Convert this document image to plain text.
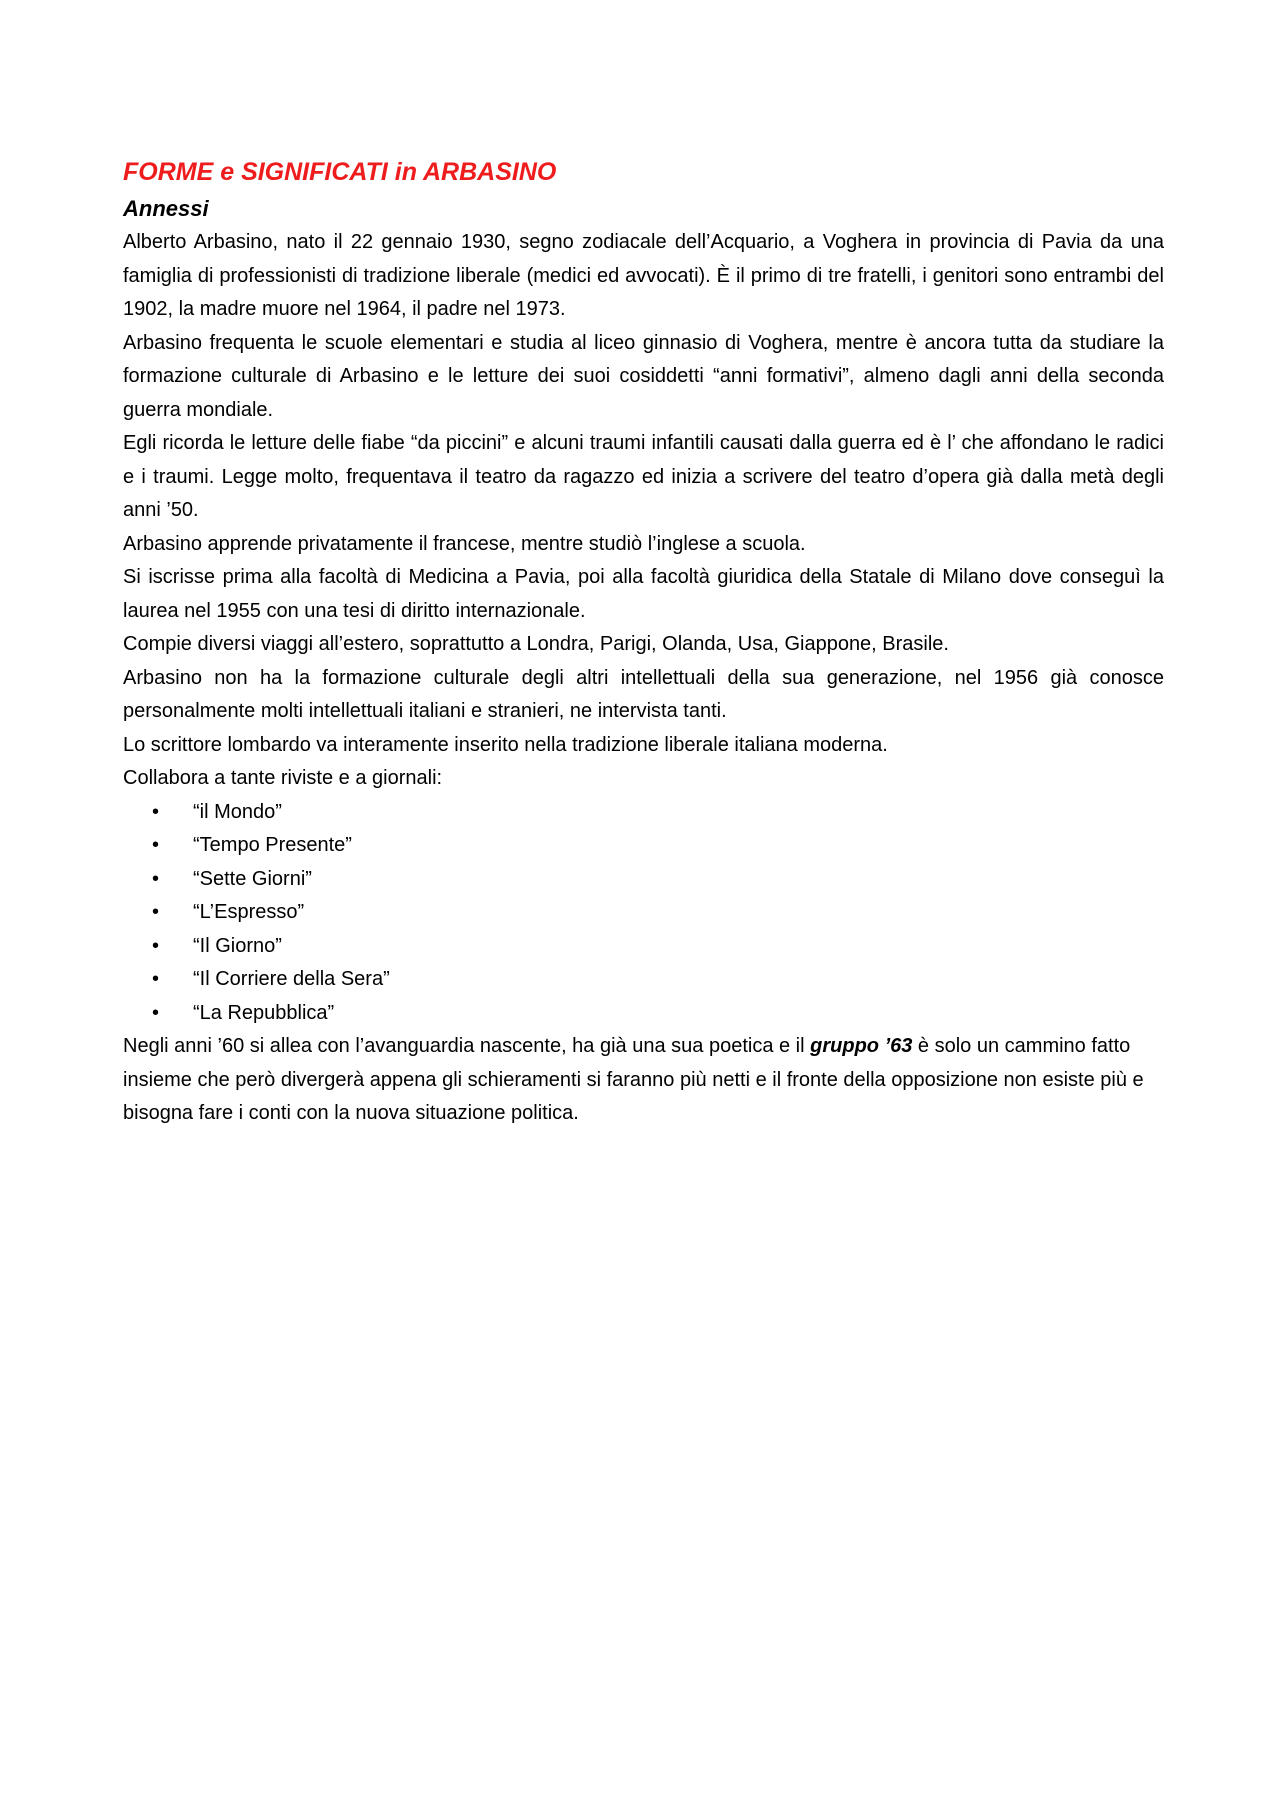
FORME e SIGNIFICATI in ARBASINO
Annessi

Alberto Arbasino, nato il 22 gennaio 1930, segno zodiacale dell’Acquario, a Voghera in provincia di Pavia da una famiglia di professionisti di tradizione liberale (medici ed avvocati). È il primo di tre fratelli, i genitori sono entrambi del 1902, la madre muore nel 1964, il padre nel 1973.

Arbasino frequenta le scuole elementari e studia al liceo ginnasio di Voghera, mentre è ancora tutta da studiare la formazione culturale di Arbasino e le letture dei suoi cosiddetti “anni formativi”, almeno dagli anni della seconda guerra mondiale.

Egli ricorda le letture delle fiabe “da piccini” e alcuni traumi infantili causati dalla guerra ed è l’ che affondano le radici e i traumi. Legge molto, frequentava il teatro da ragazzo ed inizia a scrivere del teatro d’opera già dalla metà degli anni ’50.

Arbasino apprende privatamente il francese, mentre studiò l’inglese a scuola.

Si iscrisse prima alla facoltà di Medicina a Pavia, poi alla facoltà giuridica della Statale di Milano dove conseguì la laurea nel 1955 con una tesi di diritto internazionale.

Compie diversi viaggi all’estero, soprattutto a Londra, Parigi, Olanda, Usa, Giappone, Brasile.

Arbasino non ha la formazione culturale degli altri intellettuali della sua generazione, nel 1956 già conosce personalmente molti intellettuali italiani e stranieri, ne intervista tanti.

Lo scrittore lombardo va interamente inserito nella tradizione liberale italiana moderna.

Collabora a tante riviste e a giornali:

• “il Mondo”
• “Tempo Presente”
• “Sette Giorni”
• “L’Espresso”
• “Il Giorno”
• “Il Corriere della Sera”
• “La Repubblica”

Negli anni ’60 si allea con l’avanguardia nascente, ha già una sua poetica e il gruppo ’63 è solo un cammino fatto insieme che però divergerà appena gli schieramenti si faranno più netti e il fronte della opposizione non esiste più e bisogna fare i conti con la nuova situazione politica.
